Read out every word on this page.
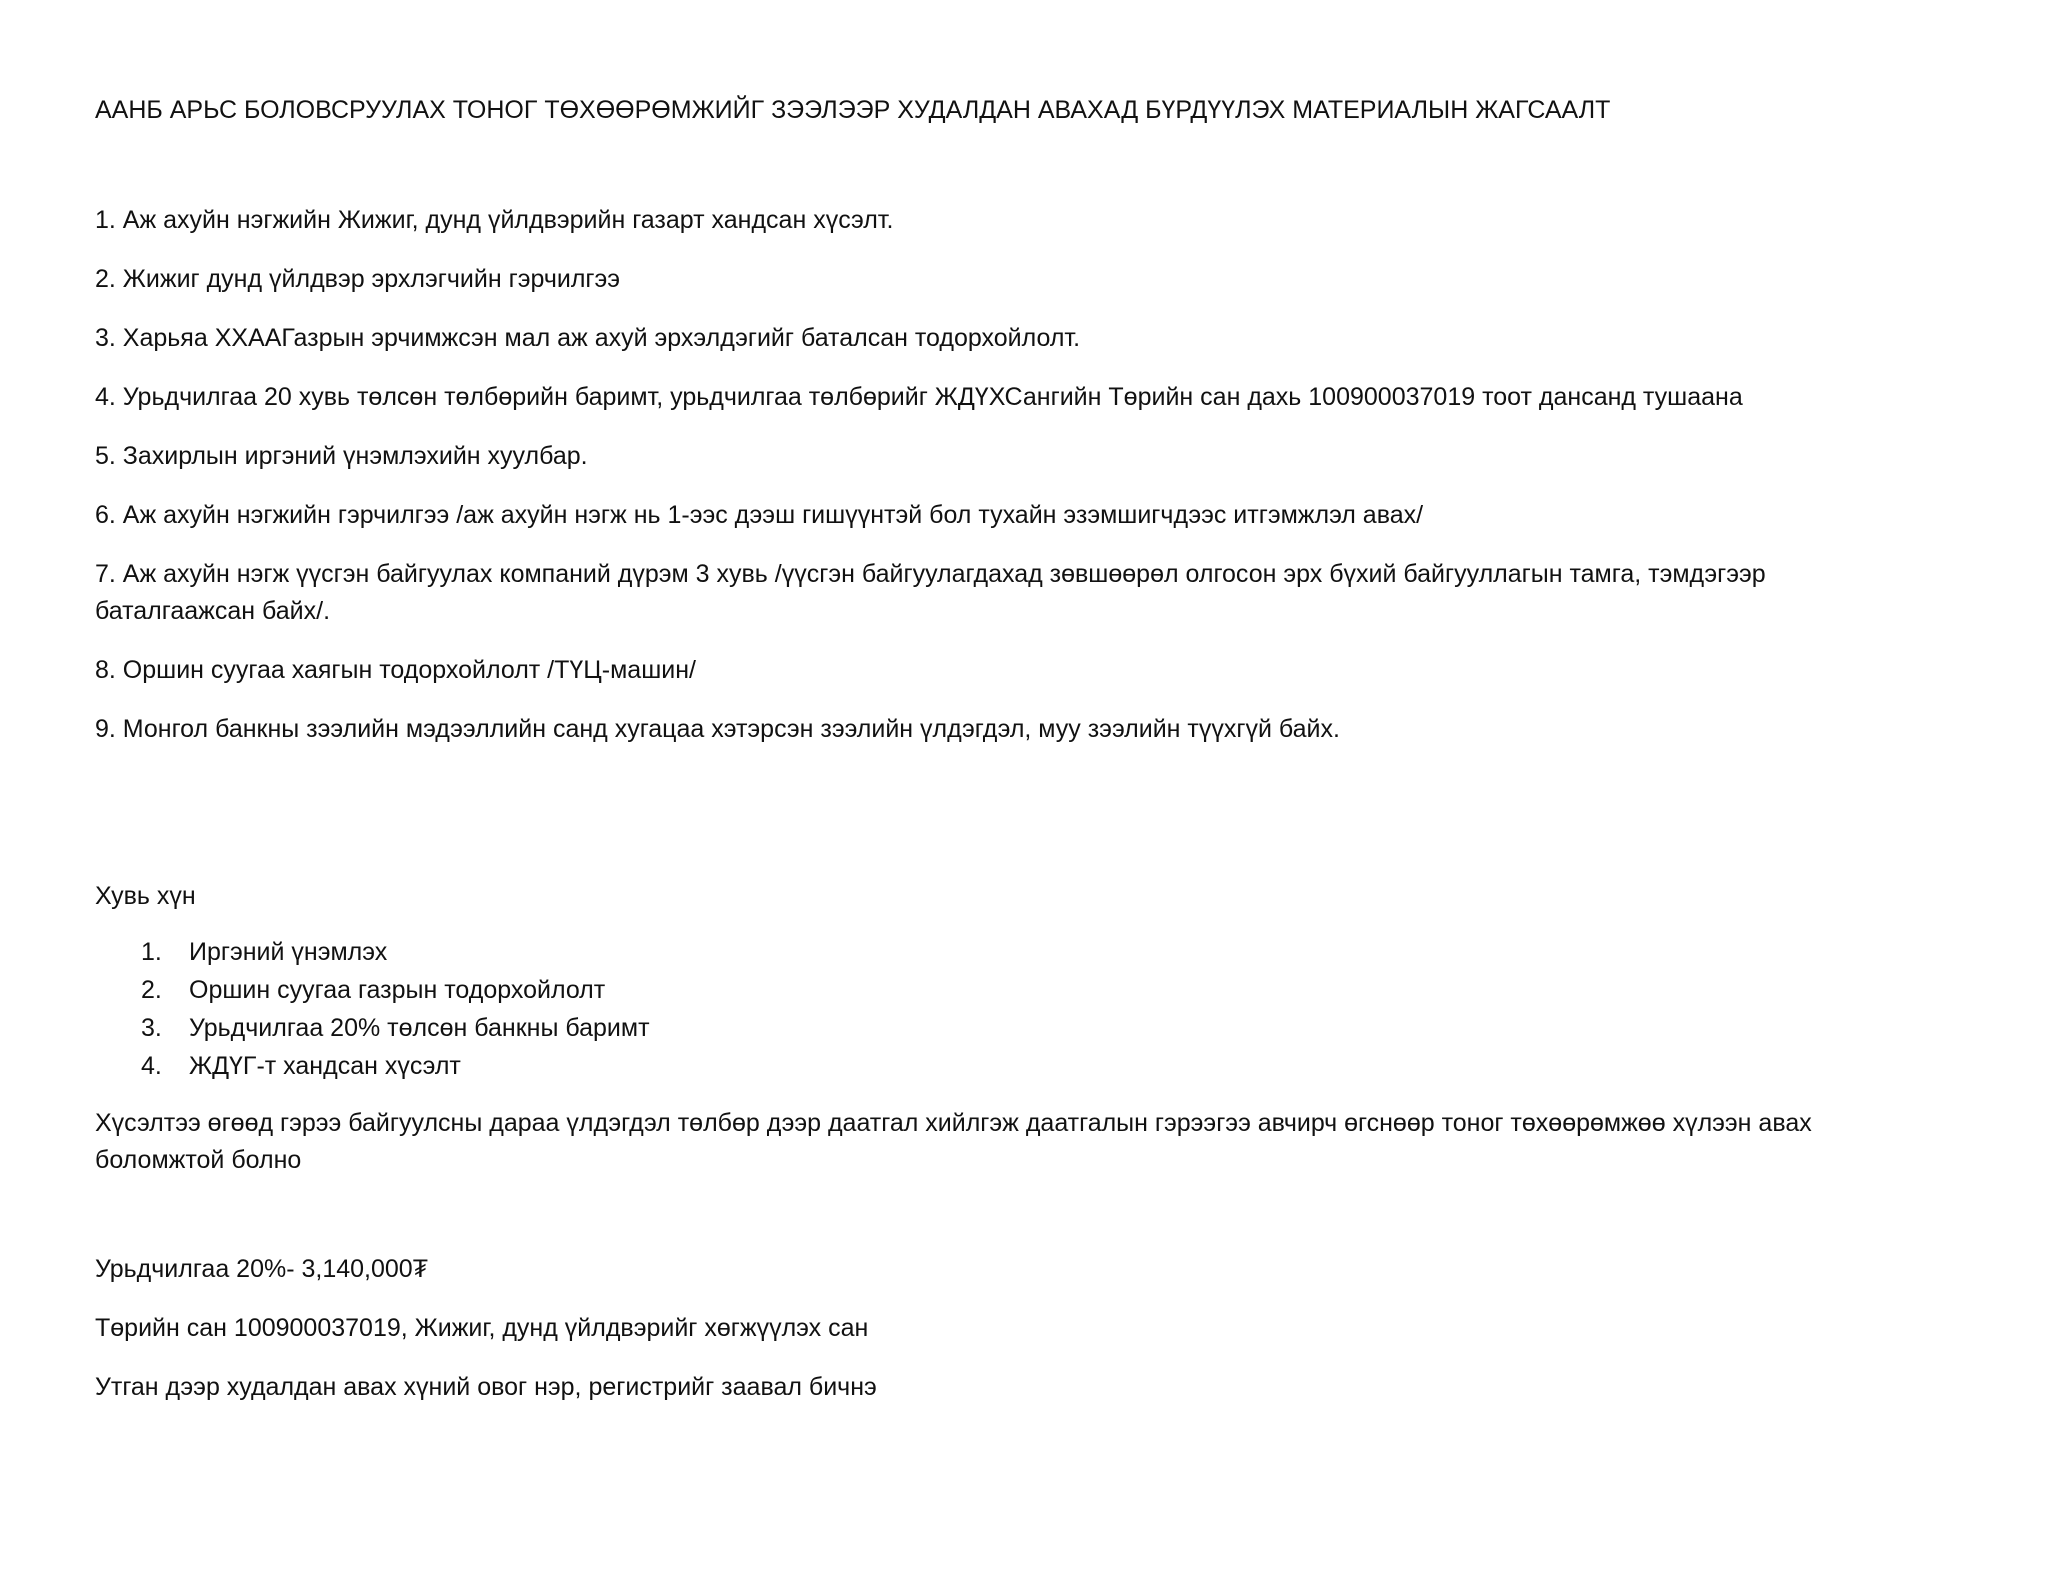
ААНБ АРЬС БОЛОВСРУУЛАХ ТОНОГ ТӨХӨӨРӨМЖИЙГ ЗЭЭЛЭЭР ХУДАЛДАН АВАХАД БҮРДҮҮЛЭХ МАТЕРИАЛЫН ЖАГСААЛТ
1. Аж ахуйн нэгжийн Жижиг, дунд үйлдвэрийн газарт хандсан хүсэлт.
2. Жижиг дунд үйлдвэр эрхлэгчийн гэрчилгээ
3. Харьяа ХХААГазрын эрчимжсэн мал аж ахуй эрхэлдэгийг баталсан тодорхойлолт.
4. Урьдчилгаа 20 хувь төлсөн төлбөрийн баримт, урьдчилгаа төлбөрийг ЖДҮХСангийн Төрийн сан дахь 100900037019 тоот дансанд тушаана
5. Захирлын иргэний үнэмлэхийн хуулбар.
6. Аж ахуйн нэгжийн гэрчилгээ /аж ахуйн нэгж нь 1-ээс дээш гишүүнтэй бол тухайн эзэмшигчдээс итгэмжлэл авах/
7. Аж ахуйн нэгж үүсгэн байгуулах компаний дүрэм 3 хувь /үүсгэн байгуулагдахад зөвшөөрөл олгосон эрх бүхий байгууллагын тамга, тэмдэгээр баталгаажсан байх/.
8. Оршин суугаа хаягын тодорхойлолт /ТҮЦ-машин/
9. Монгол банкны зээлийн мэдээллийн санд хугацаа хэтэрсэн зээлийн үлдэгдэл, муу зээлийн түүхгүй байх.
Хувь хүн
1. Иргэний үнэмлэх
2. Оршин суугаа газрын тодорхойлолт
3. Урьдчилгаа 20% төлсөн банкны баримт
4. ЖДҮГ-т хандсан хүсэлт

Хүсэлтээ өгөөд гэрээ байгуулсны дараа үлдэгдэл төлбөр дээр даатгал хийлгэж даатгалын гэрээгээ авчирч өгснөөр тоног төхөөрөмжөө хүлээн авах боломжтой болно

Урьдчилгаа 20%- 3,140,000₮

Төрийн сан 100900037019, Жижиг, дунд үйлдвэрийг хөгжүүлэх сан

Утган дээр худалдан авах хүний овог нэр, регистрийг заавал бичнэ
